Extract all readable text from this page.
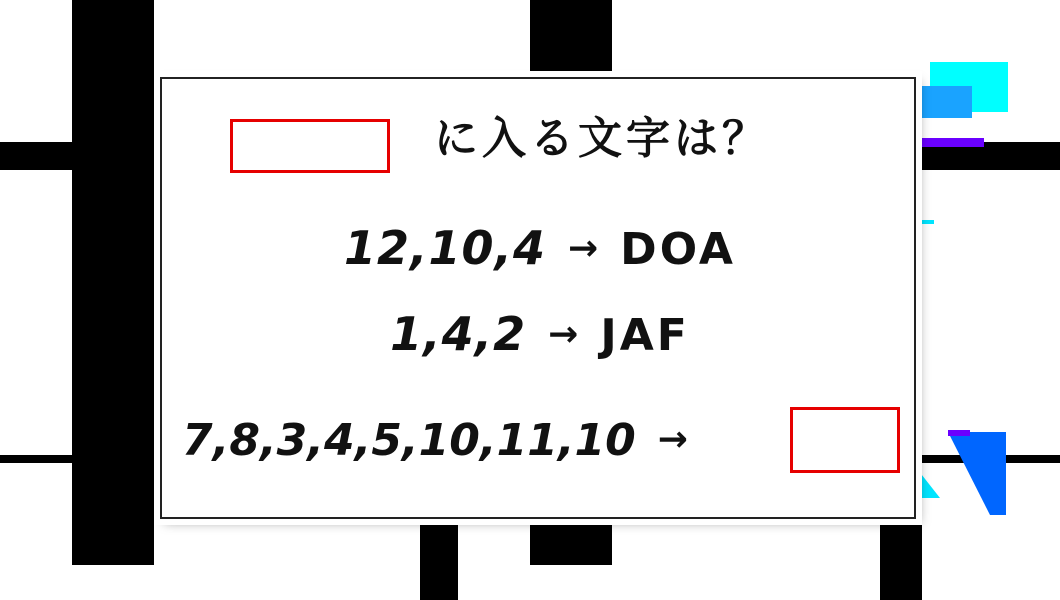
に入る文字は？
12,10,4 → DOA
1,4,2 → JAF
7,8,3,4,5,10,11,10 →
